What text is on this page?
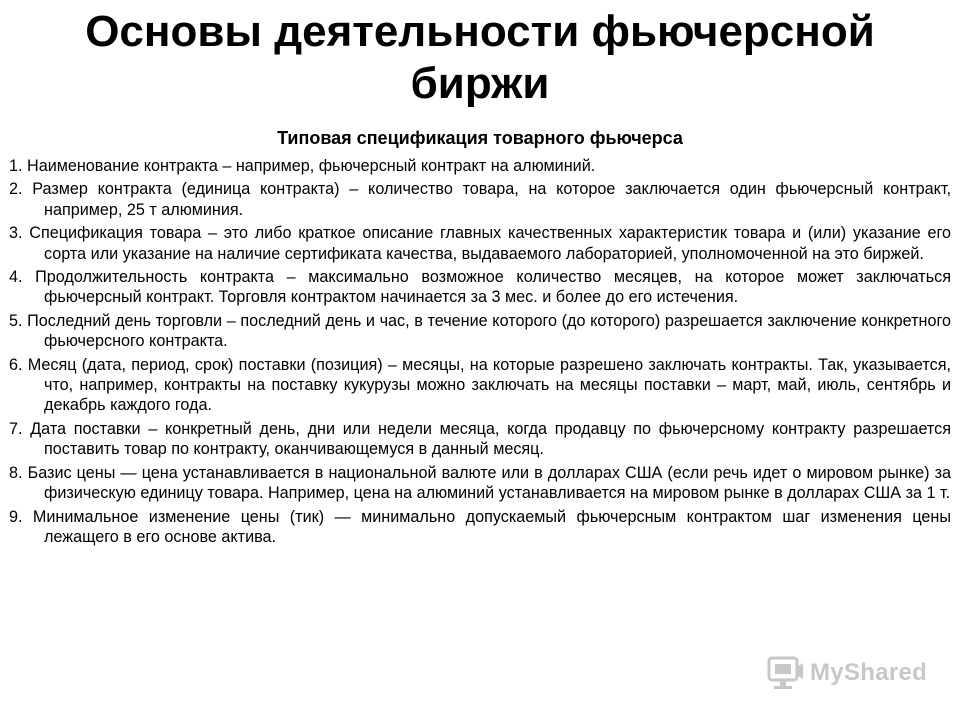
Основы деятельности фьючерсной биржи
Типовая спецификация товарного фьючерса
1. Наименование контракта – например, фьючерсный контракт на алюминий.
2. Размер контракта (единица контракта) – количество товара, на которое заключается один фьючерсный контракт, например, 25 т алюминия.
3. Спецификация товара – это либо краткое описание главных качественных характеристик товара и (или) указание его сорта или указание на наличие сертификата качества, выдаваемого лабораторией, уполномоченной на это биржей.
4. Продолжительность контракта – максимально возможное количество месяцев, на которое может заключаться фьючерсный контракт. Торговля контрактом начинается за 3 мес. и более до его истечения.
5. Последний день торговли – последний день и час, в течение которого (до которого) разрешается заключение конкретного фьючерсного контракта.
6. Месяц (дата, период, срок) поставки (позиция) – месяцы, на которые разрешено заключать контракты. Так, указывается, что, например, контракты на поставку кукурузы можно заключать на месяцы поставки – март, май, июль, сентябрь и декабрь каждого года.
7. Дата поставки – конкретный день, дни или недели месяца, когда продавцу по фьючерсному контракту разрешается поставить товар по контракту, оканчивающемуся в данный месяц.
8. Базис цены — цена устанавливается в национальной валюте или в долларах США (если речь идет о мировом рынке) за физическую единицу товара. Например, цена на алюминий устанавливается на мировом рынке в долларах США за 1 т.
9. Минимальное изменение цены (тик) — минимально допускаемый фьючерсным контрактом шаг изменения цены лежащего в его основе актива.
MyShared
